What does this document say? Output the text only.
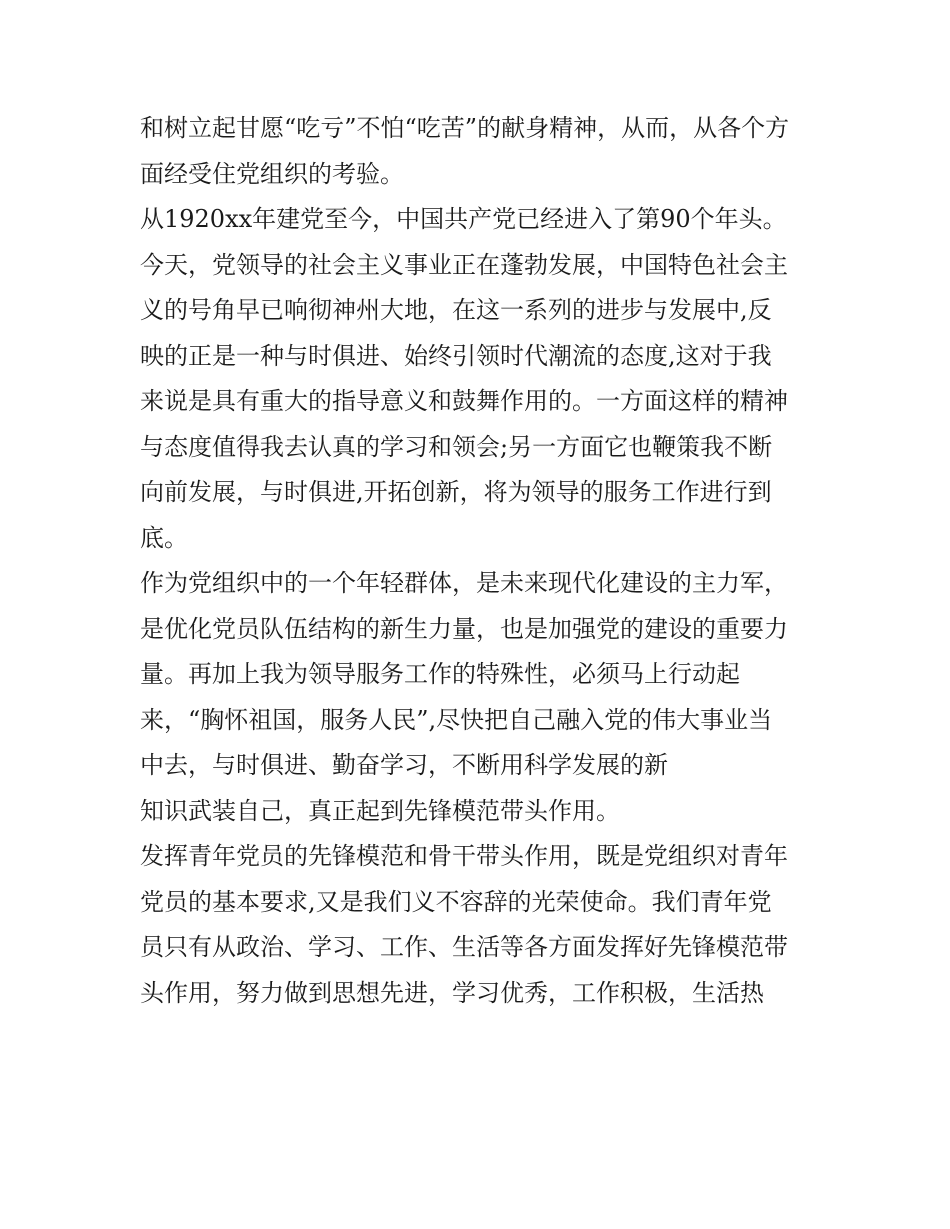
和树立起甘愿“吃亏”不怕“吃苦”的献身精神，从而，从各个方
面经受住党组织的考验。
从1920xx年建党至今，中国共产党已经进入了第90个年头。
今天，党领导的社会主义事业正在蓬勃发展，中国特色社会主
义的号角早已响彻神州大地，在这一系列的进步与发展中,反
映的正是一种与时俱进、始终引领时代潮流的态度,这对于我
来说是具有重大的指导意义和鼓舞作用的。一方面这样的精神
与态度值得我去认真的学习和领会;另一方面它也鞭策我不断
向前发展，与时俱进,开拓创新，将为领导的服务工作进行到
底。
作为党组织中的一个年轻群体，是未来现代化建设的主力军，
是优化党员队伍结构的新生力量，也是加强党的建设的重要力
量。再加上我为领导服务工作的特殊性，必须马上行动起
来，“胸怀祖国，服务人民”,尽快把自己融入党的伟大事业当
中去，与时俱进、勤奋学习，不断用科学发展的新
知识武装自己，真正起到先锋模范带头作用。
发挥青年党员的先锋模范和骨干带头作用，既是党组织对青年
党员的基本要求,又是我们义不容辞的光荣使命。我们青年党
员只有从政治、学习、工作、生活等各方面发挥好先锋模范带
头作用，努力做到思想先进，学习优秀，工作积极，生活热
